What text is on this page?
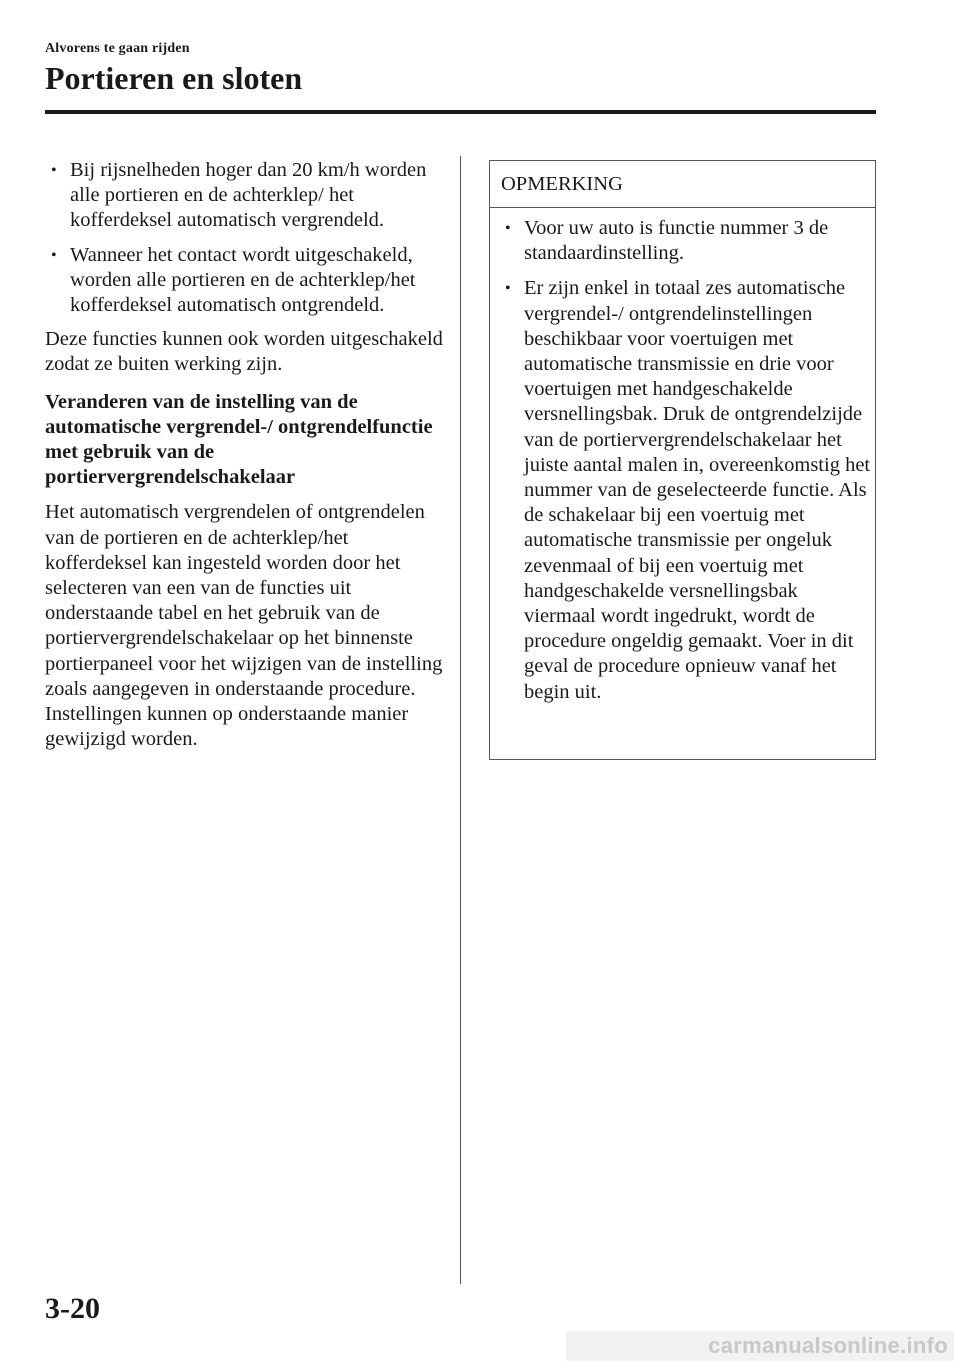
Alvorens te gaan rijden
Portieren en sloten
• Bij rijsnelheden hoger dan 20 km/h worden alle portieren en de achterklep/ het kofferdeksel automatisch vergrendeld.
• Wanneer het contact wordt uitgeschakeld, worden alle portieren en de achterklep/het kofferdeksel automatisch ontgrendeld.

Deze functies kunnen ook worden uitgeschakeld zodat ze buiten werking zijn.

Veranderen van de instelling van de automatische vergrendel-/ ontgrendelfunctie met gebruik van de portiervergrendelschakelaar

Het automatisch vergrendelen of ontgrendelen van de portieren en de achterklep/het kofferdeksel kan ingesteld worden door het selecteren van een van de functies uit onderstaande tabel en het gebruik van de portiervergrendelschakelaar op het binnenste portierpaneel voor het wijzigen van de instelling zoals aangegeven in onderstaande procedure.
Instellingen kunnen op onderstaande manier gewijzigd worden.

OPMERKING
• Voor uw auto is functie nummer 3 de standaardinstelling.
• Er zijn enkel in totaal zes automatische vergrendel-/ ontgrendelinstellingen beschikbaar voor voertuigen met automatische transmissie en drie voor voertuigen met handgeschakelde versnellingsbak. Druk de ontgrendelzijde van de portiervergrendelschakelaar het juiste aantal malen in, overeenkomstig het nummer van de geselecteerde functie. Als de schakelaar bij een voertuig met automatische transmissie per ongeluk zevenmaal of bij een voertuig met handgeschakelde versnellingsbak viermaal wordt ingedrukt, wordt de procedure ongeldig gemaakt. Voer in dit geval de procedure opnieuw vanaf het begin uit.
3-20
carmanualsonline.info
